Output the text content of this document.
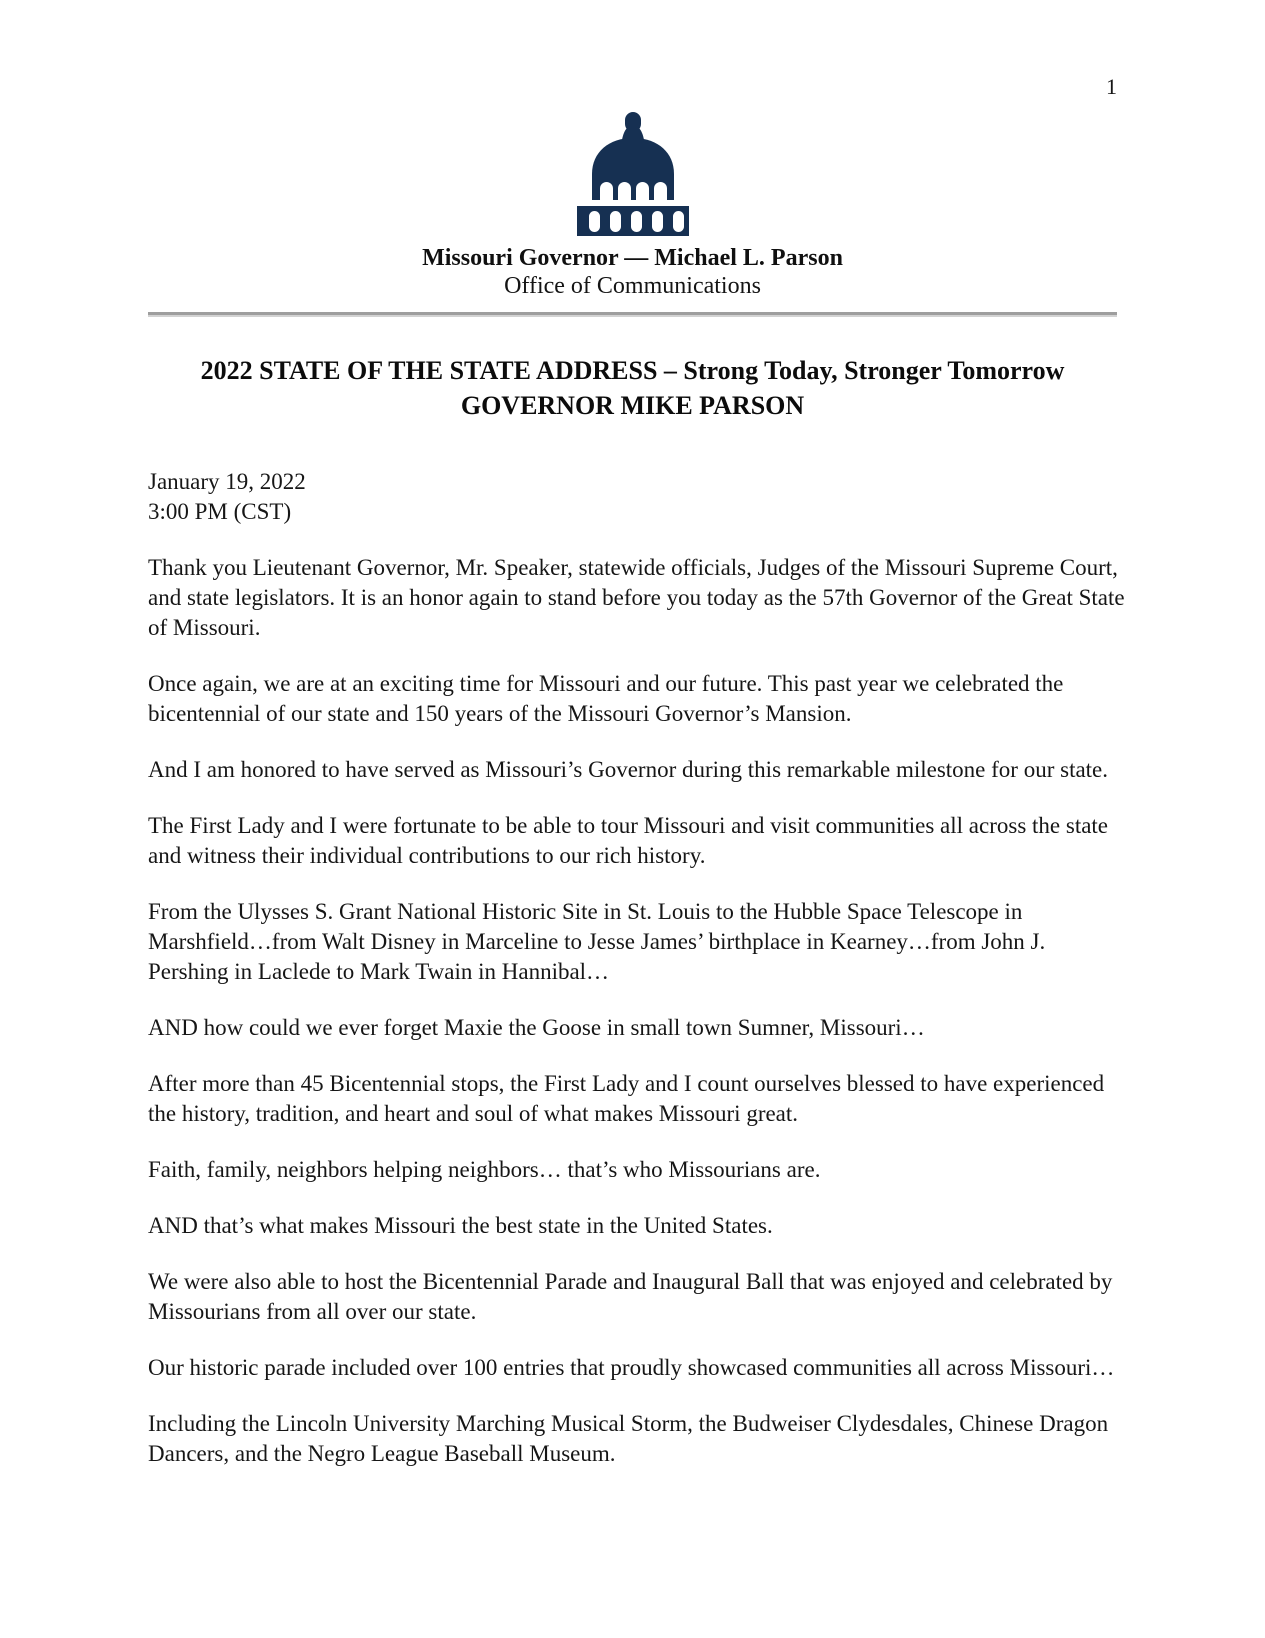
1
Missouri Governor — Michael L. Parson
Office of Communications
2022 STATE OF THE STATE ADDRESS – Strong Today, Stronger Tomorrow
GOVERNOR MIKE PARSON
January 19, 2022
3:00 PM (CST)
Thank you Lieutenant Governor, Mr. Speaker, statewide officials, Judges of the Missouri Supreme Court,
and state legislators. It is an honor again to stand before you today as the 57th Governor of the Great State
of Missouri.
Once again, we are at an exciting time for Missouri and our future. This past year we celebrated the
bicentennial of our state and 150 years of the Missouri Governor’s Mansion.
And I am honored to have served as Missouri’s Governor during this remarkable milestone for our state.
The First Lady and I were fortunate to be able to tour Missouri and visit communities all across the state
and witness their individual contributions to our rich history.
From the Ulysses S. Grant National Historic Site in St. Louis to the Hubble Space Telescope in
Marshfield…from Walt Disney in Marceline to Jesse James’ birthplace in Kearney…from John J.
Pershing in Laclede to Mark Twain in Hannibal…
AND how could we ever forget Maxie the Goose in small town Sumner, Missouri…
After more than 45 Bicentennial stops, the First Lady and I count ourselves blessed to have experienced
the history, tradition, and heart and soul of what makes Missouri great.
Faith, family, neighbors helping neighbors… that’s who Missourians are.
AND that’s what makes Missouri the best state in the United States.
We were also able to host the Bicentennial Parade and Inaugural Ball that was enjoyed and celebrated by
Missourians from all over our state.
Our historic parade included over 100 entries that proudly showcased communities all across Missouri…
Including the Lincoln University Marching Musical Storm, the Budweiser Clydesdales, Chinese Dragon
Dancers, and the Negro League Baseball Museum.
